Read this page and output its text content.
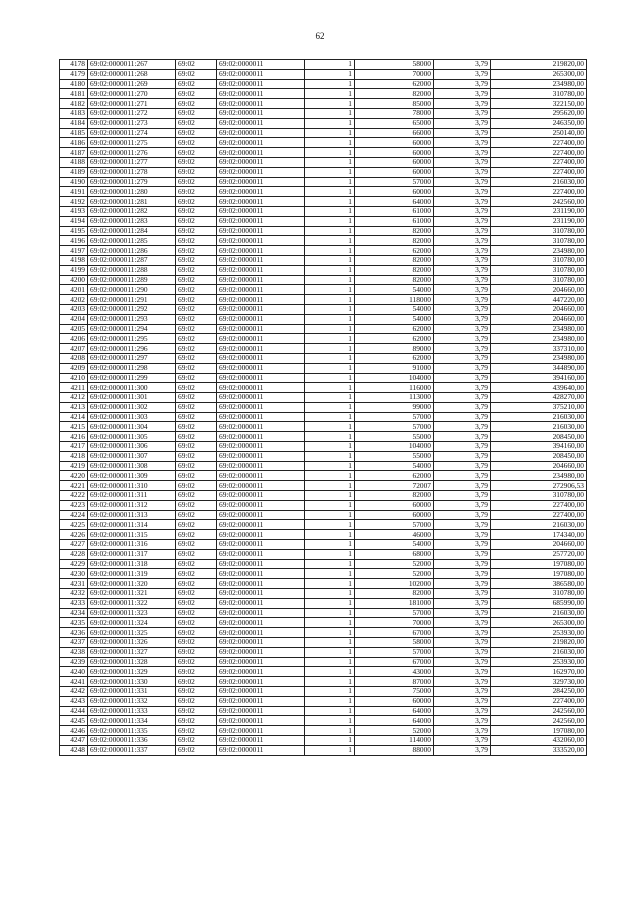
62
4178	69:02:0000011:267	69:02	69:02:0000011	1	58000	3,79	219820,00
4179	69:02:0000011:268	69:02	69:02:0000011	1	70000	3,79	265300,00
4180	69:02:0000011:269	69:02	69:02:0000011	1	62000	3,79	234980,00
4181	69:02:0000011:270	69:02	69:02:0000011	1	82000	3,79	310780,00
4182	69:02:0000011:271	69:02	69:02:0000011	1	85000	3,79	322150,00
4183	69:02:0000011:272	69:02	69:02:0000011	1	78000	3,79	295620,00
4184	69:02:0000011:273	69:02	69:02:0000011	1	65000	3,79	246350,00
4185	69:02:0000011:274	69:02	69:02:0000011	1	66000	3,79	250140,00
4186	69:02:0000011:275	69:02	69:02:0000011	1	60000	3,79	227400,00
4187	69:02:0000011:276	69:02	69:02:0000011	1	60000	3,79	227400,00
4188	69:02:0000011:277	69:02	69:02:0000011	1	60000	3,79	227400,00
4189	69:02:0000011:278	69:02	69:02:0000011	1	60000	3,79	227400,00
4190	69:02:0000011:279	69:02	69:02:0000011	1	57000	3,79	216030,00
4191	69:02:0000011:280	69:02	69:02:0000011	1	60000	3,79	227400,00
4192	69:02:0000011:281	69:02	69:02:0000011	1	64000	3,79	242560,00
4193	69:02:0000011:282	69:02	69:02:0000011	1	61000	3,79	231190,00
4194	69:02:0000011:283	69:02	69:02:0000011	1	61000	3,79	231190,00
4195	69:02:0000011:284	69:02	69:02:0000011	1	82000	3,79	310780,00
4196	69:02:0000011:285	69:02	69:02:0000011	1	82000	3,79	310780,00
4197	69:02:0000011:286	69:02	69:02:0000011	1	62000	3,79	234980,00
4198	69:02:0000011:287	69:02	69:02:0000011	1	82000	3,79	310780,00
4199	69:02:0000011:288	69:02	69:02:0000011	1	82000	3,79	310780,00
4200	69:02:0000011:289	69:02	69:02:0000011	1	82000	3,79	310780,00
4201	69:02:0000011:290	69:02	69:02:0000011	1	54000	3,79	204660,00
4202	69:02:0000011:291	69:02	69:02:0000011	1	118000	3,79	447220,00
4203	69:02:0000011:292	69:02	69:02:0000011	1	54000	3,79	204660,00
4204	69:02:0000011:293	69:02	69:02:0000011	1	54000	3,79	204660,00
4205	69:02:0000011:294	69:02	69:02:0000011	1	62000	3,79	234980,00
4206	69:02:0000011:295	69:02	69:02:0000011	1	62000	3,79	234980,00
4207	69:02:0000011:296	69:02	69:02:0000011	1	89000	3,79	337310,00
4208	69:02:0000011:297	69:02	69:02:0000011	1	62000	3,79	234980,00
4209	69:02:0000011:298	69:02	69:02:0000011	1	91000	3,79	344890,00
4210	69:02:0000011:299	69:02	69:02:0000011	1	104000	3,79	394160,00
4211	69:02:0000011:300	69:02	69:02:0000011	1	116000	3,79	439640,00
4212	69:02:0000011:301	69:02	69:02:0000011	1	113000	3,79	428270,00
4213	69:02:0000011:302	69:02	69:02:0000011	1	99000	3,79	375210,00
4214	69:02:0000011:303	69:02	69:02:0000011	1	57000	3,79	216030,00
4215	69:02:0000011:304	69:02	69:02:0000011	1	57000	3,79	216030,00
4216	69:02:0000011:305	69:02	69:02:0000011	1	55000	3,79	208450,00
4217	69:02:0000011:306	69:02	69:02:0000011	1	104000	3,79	394160,00
4218	69:02:0000011:307	69:02	69:02:0000011	1	55000	3,79	208450,00
4219	69:02:0000011:308	69:02	69:02:0000011	1	54000	3,79	204660,00
4220	69:02:0000011:309	69:02	69:02:0000011	1	62000	3,79	234980,00
4221	69:02:0000011:310	69:02	69:02:0000011	1	72007	3,79	272906,53
4222	69:02:0000011:311	69:02	69:02:0000011	1	82000	3,79	310780,00
4223	69:02:0000011:312	69:02	69:02:0000011	1	60000	3,79	227400,00
4224	69:02:0000011:313	69:02	69:02:0000011	1	60000	3,79	227400,00
4225	69:02:0000011:314	69:02	69:02:0000011	1	57000	3,79	216030,00
4226	69:02:0000011:315	69:02	69:02:0000011	1	46000	3,79	174340,00
4227	69:02:0000011:316	69:02	69:02:0000011	1	54000	3,79	204660,00
4228	69:02:0000011:317	69:02	69:02:0000011	1	68000	3,79	257720,00
4229	69:02:0000011:318	69:02	69:02:0000011	1	52000	3,79	197080,00
4230	69:02:0000011:319	69:02	69:02:0000011	1	52000	3,79	197080,00
4231	69:02:0000011:320	69:02	69:02:0000011	1	102000	3,79	386580,00
4232	69:02:0000011:321	69:02	69:02:0000011	1	82000	3,79	310780,00
4233	69:02:0000011:322	69:02	69:02:0000011	1	181000	3,79	685990,00
4234	69:02:0000011:323	69:02	69:02:0000011	1	57000	3,79	216030,00
4235	69:02:0000011:324	69:02	69:02:0000011	1	70000	3,79	265300,00
4236	69:02:0000011:325	69:02	69:02:0000011	1	67000	3,79	253930,00
4237	69:02:0000011:326	69:02	69:02:0000011	1	58000	3,79	219820,00
4238	69:02:0000011:327	69:02	69:02:0000011	1	57000	3,79	216030,00
4239	69:02:0000011:328	69:02	69:02:0000011	1	67000	3,79	253930,00
4240	69:02:0000011:329	69:02	69:02:0000011	1	43000	3,79	162970,00
4241	69:02:0000011:330	69:02	69:02:0000011	1	87000	3,79	329730,00
4242	69:02:0000011:331	69:02	69:02:0000011	1	75000	3,79	284250,00
4243	69:02:0000011:332	69:02	69:02:0000011	1	60000	3,79	227400,00
4244	69:02:0000011:333	69:02	69:02:0000011	1	64000	3,79	242560,00
4245	69:02:0000011:334	69:02	69:02:0000011	1	64000	3,79	242560,00
4246	69:02:0000011:335	69:02	69:02:0000011	1	52000	3,79	197080,00
4247	69:02:0000011:336	69:02	69:02:0000011	1	114000	3,79	432060,00
4248	69:02:0000011:337	69:02	69:02:0000011	1	88000	3,79	333520,00
